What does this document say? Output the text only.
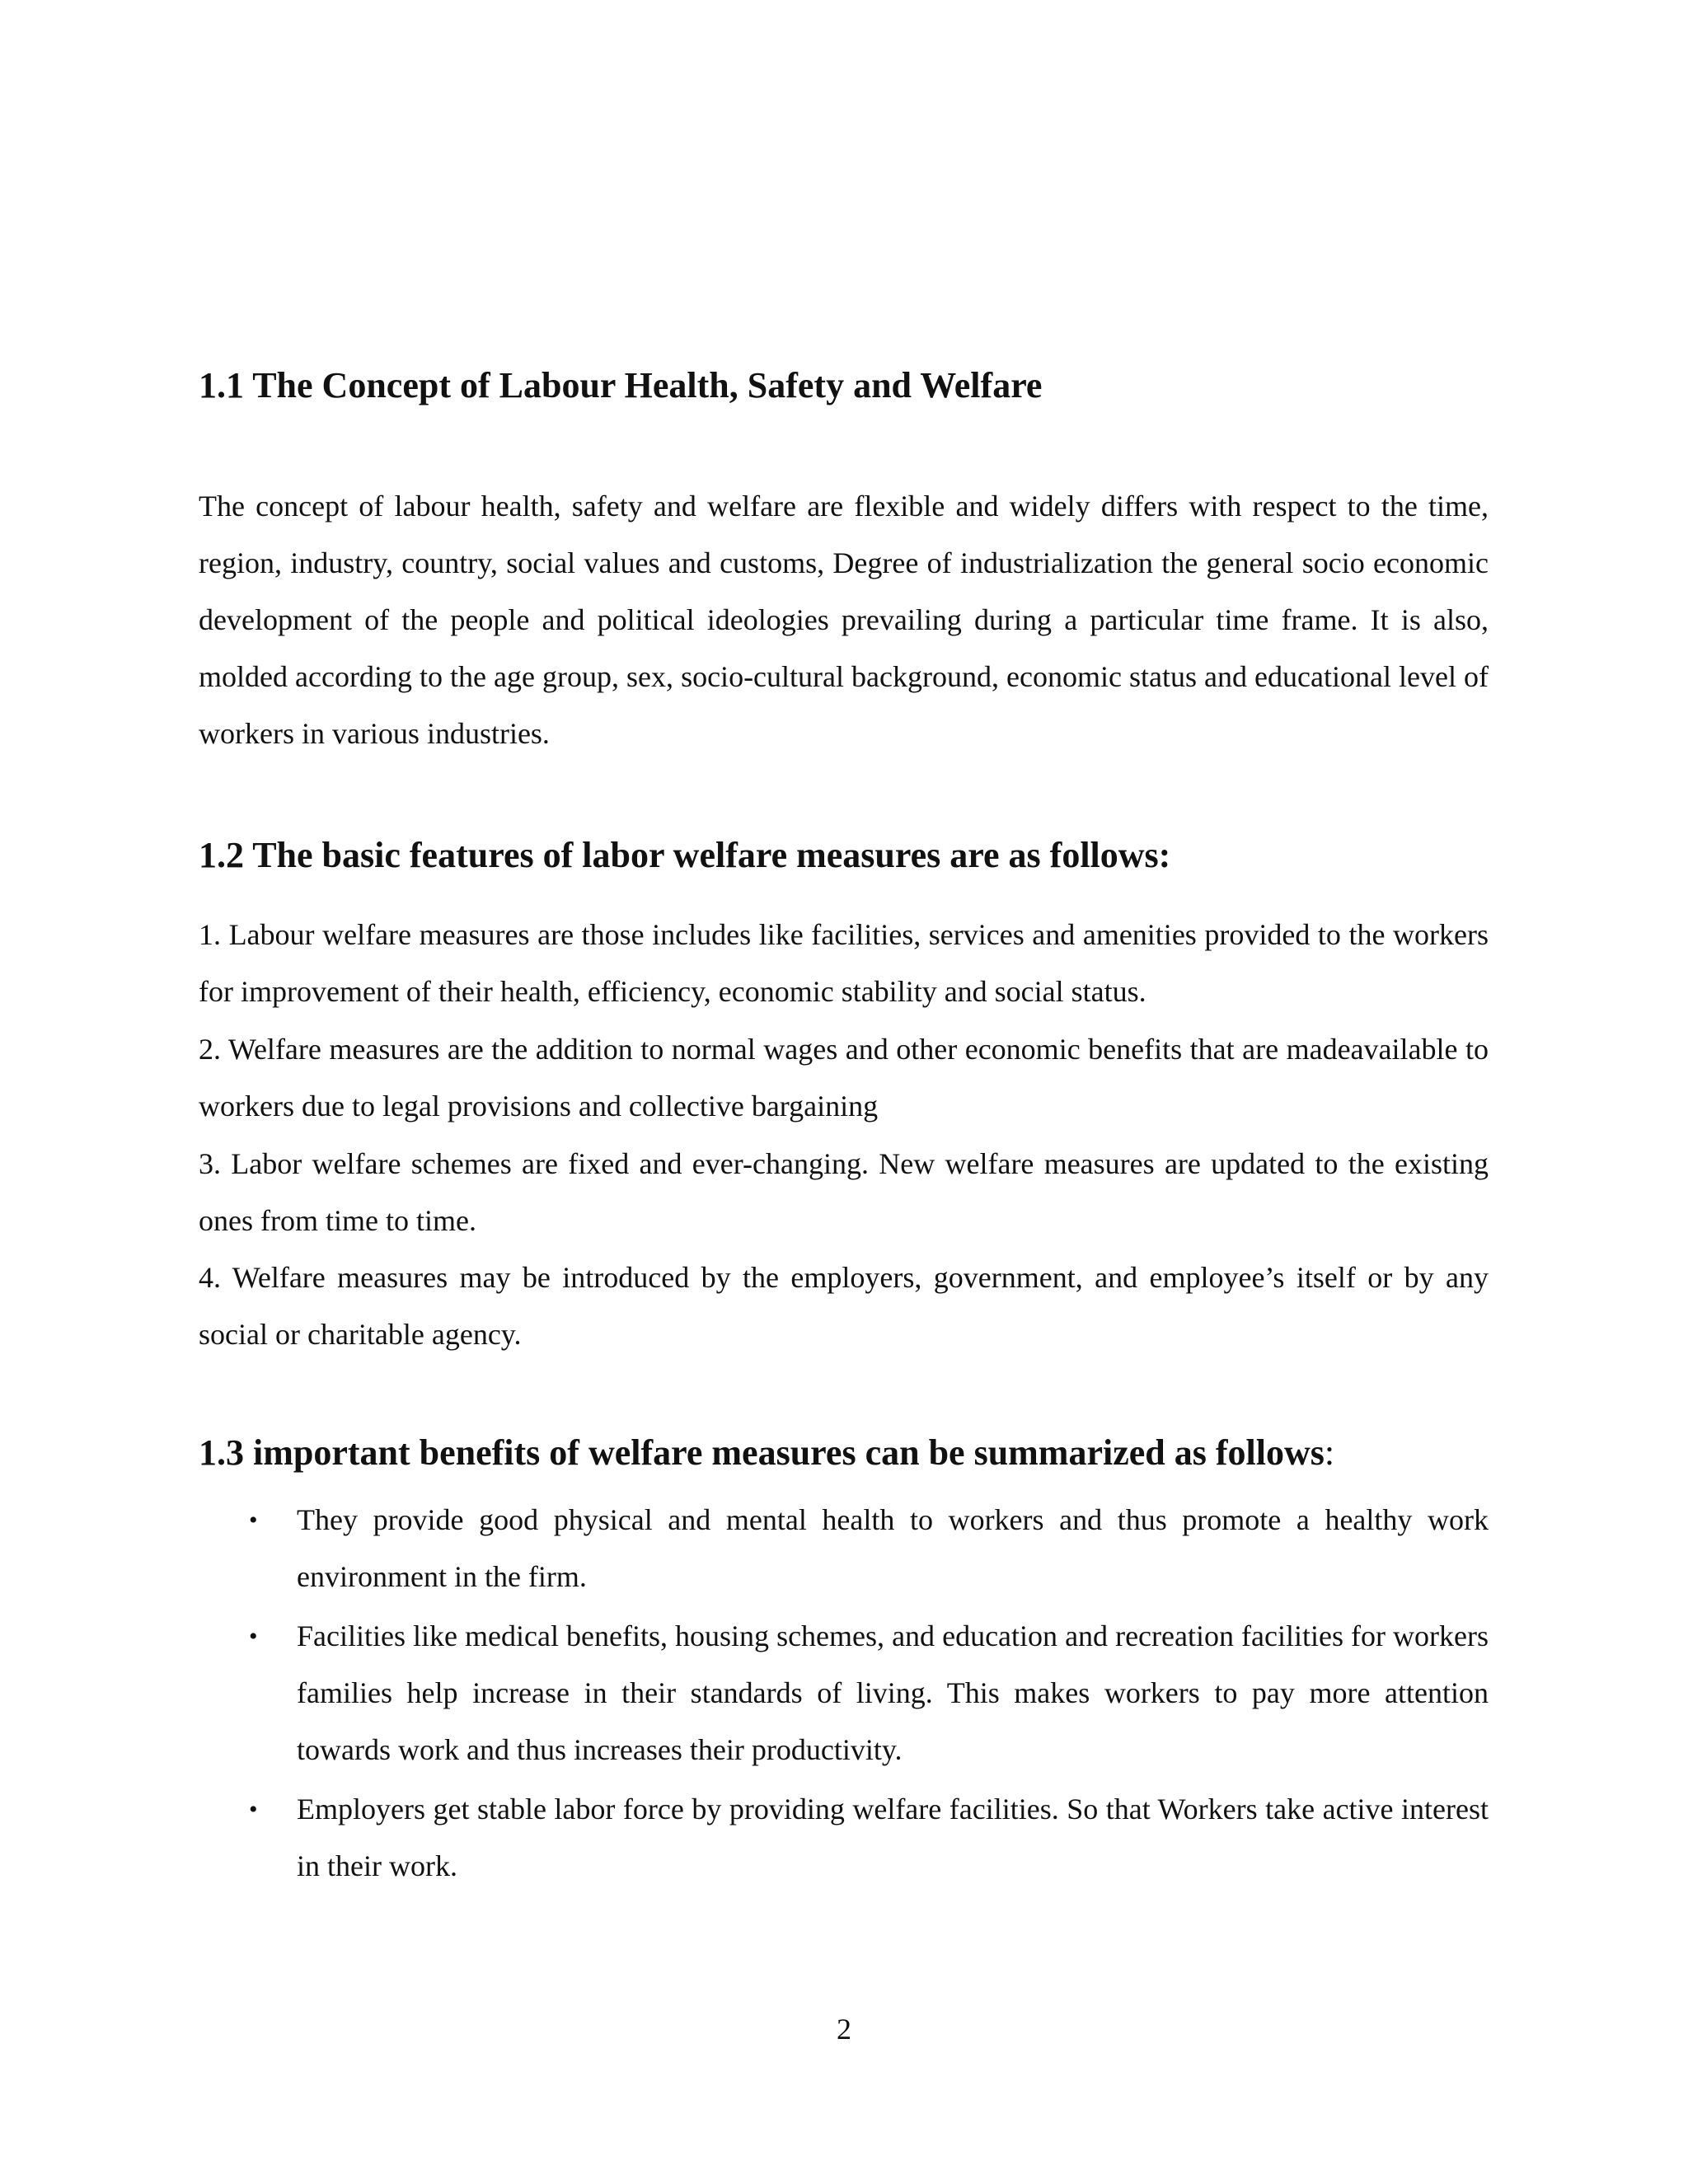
1.1 The Concept of Labour Health, Safety and Welfare

The concept of labour health, safety and welfare are flexible and widely differs with respect to the time, region, industry, country, social values and customs, Degree of industrialization the general socio economic development of the people and political ideologies prevailing during a particular time frame. It is also, molded according to the age group, sex, socio-cultural background, economic status and educational level of workers in various industries.

1.2 The basic features of labor welfare measures are as follows:

1. Labour welfare measures are those includes like facilities, services and amenities provided to the workers for improvement of their health, efficiency, economic stability and social status.

2. Welfare measures are the addition to normal wages and other economic benefits that are madeavailable to workers due to legal provisions and collective bargaining

3. Labor welfare schemes are fixed and ever-changing. New welfare measures are updated to the existing ones from time to time.

4. Welfare measures may be introduced by the employers, government, and employee’s itself or by any social or charitable agency.

1.3 important benefits of welfare measures can be summarized as follows:
• They provide good physical and mental health to workers and thus promote a healthy work environment in the firm.
• Facilities like medical benefits, housing schemes, and education and recreation facilities for workers families help increase in their standards of living. This makes workers to pay more attention towards work and thus increases their productivity.
• Employers get stable labor force by providing welfare facilities. So that Workers take active interest in their work.
2
